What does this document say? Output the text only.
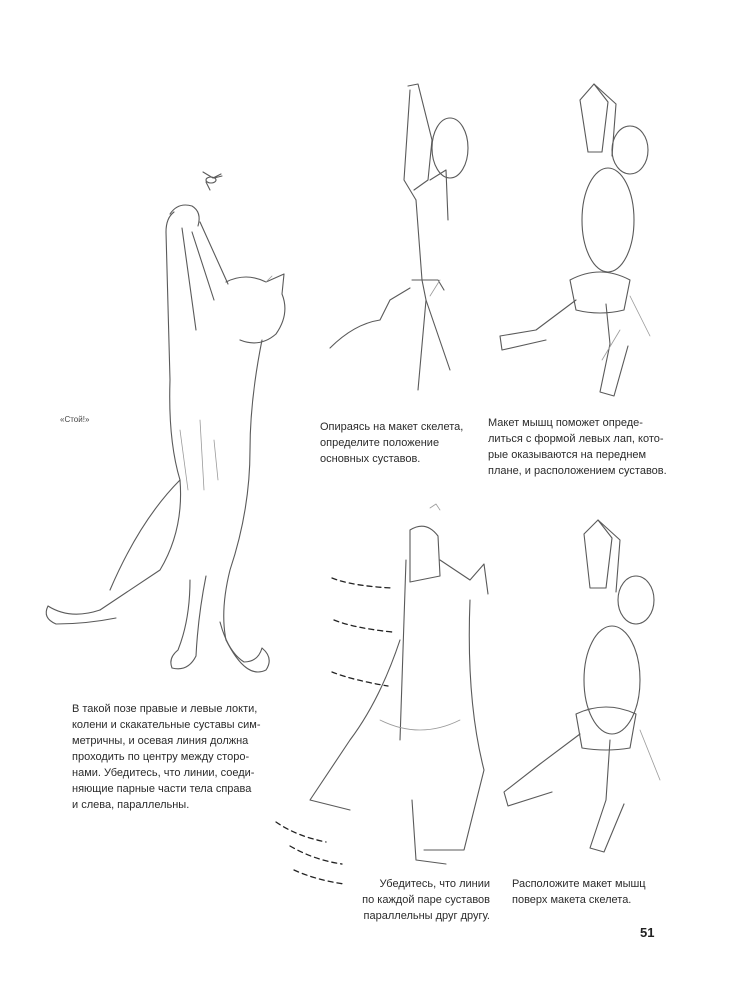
«Стой!»

Опираясь на макет скелета,
определите положение
основных суставов.

Макет мышц поможет опреде-
литься с формой левых лап, кото-
рые оказываются на переднем
плане, и расположением суставов.

В такой позе правые и левые локти,
колени и скакательные суставы сим-
метричны, и осевая линия должна
проходить по центру между сторо-
нами. Убедитесь, что линии, соеди-
няющие парные части тела справа
и слева, параллельны.

Убедитесь, что линии
по каждой паре суставов
параллельны друг другу.

Расположите макет мышц
поверх макета скелета.

51
